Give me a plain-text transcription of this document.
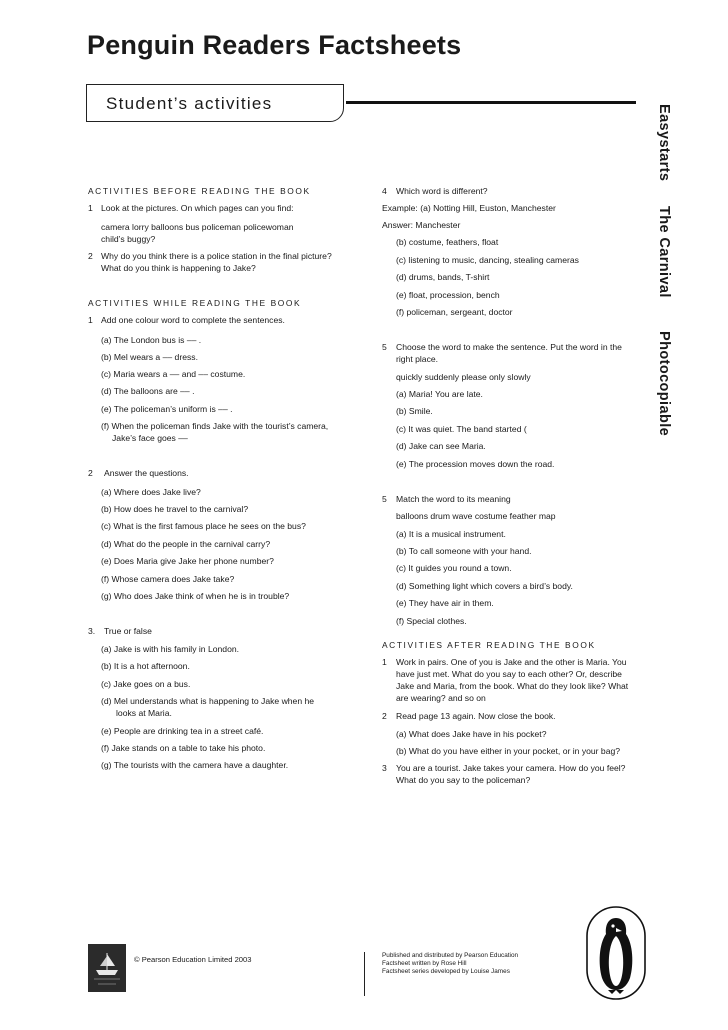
Penguin Readers Factsheets
Student’s activities
Easystarts
The Carnival
Photocopiable
ACTIVITIES BEFORE READING THE BOOK
1 Look at the pictures. On which pages can you find:
camera lorry balloons bus policeman policewoman
child’s buggy?
2 Why do you think there is a police station in the final picture?
What do you think is happening to Jake?
ACTIVITIES WHILE READING THE BOOK
1 Add one colour word to complete the sentences.
(a) The London bus is –– .
(b) Mel wears a –– dress.
(c) Maria wears a –– and –– costume.
(d) The balloons are –– .
(e) The policeman’s uniform is –– .
(f) When the policeman finds Jake with the tourist’s camera,
Jake’s face goes ––
2 Answer the questions.
(a) Where does Jake live?
(b) How does he travel to the carnival?
(c) What is the first famous place he sees on the bus?
(d) What do the people in the carnival carry?
(e) Does Maria give Jake her phone number?
(f) Whose camera does Jake take?
(g) Who does Jake think of when he is in trouble?
3. True or false
(a) Jake is with his family in London.
(b) It is a hot afternoon.
(c) Jake goes on a bus.
(d) Mel understands what is happening to Jake when he
looks at Maria.
(e) People are drinking tea in a street café.
(f) Jake stands on a table to take his photo.
(g) The tourists with the camera have a daughter.
4 Which word is different?
Example: (a) Notting Hill, Euston, Manchester
Answer: Manchester
(b) costume, feathers, float
(c) listening to music, dancing, stealing cameras
(d) drums, bands, T-shirt
(e) float, procession, bench
(f) policeman, sergeant, doctor
5 Choose the word to make the sentence. Put the word in the
right place.
quickly suddenly please only slowly
(a) Maria! You are late.
(b) Smile.
(c) It was quiet. The band started (
(d) Jake can see Maria.
(e) The procession moves down the road.
5 Match the word to its meaning
balloons drum wave costume feather map
(a) It is a musical instrument.
(b) To call someone with your hand.
(c) It guides you round a town.
(d) Something light which covers a bird’s body.
(e) They have air in them.
(f) Special clothes.
ACTIVITIES AFTER READING THE BOOK
1 Work in pairs. One of you is Jake and the other is Maria. You
have just met. What do you say to each other? Or, describe
Jake and Maria, from the book. What do they look like? What
are wearing? and so on
2 Read page 13 again. Now close the book.
(a) What does Jake have in his pocket?
(b) What do you have either in your pocket, or in your bag?
3 You are a tourist. Jake takes your camera. How do you feel?
What do you say to the policeman?
© Pearson Education Limited 2003	Published and distributed by Pearson Education
Factsheet written by Rose Hill
Factsheet series developed by Louise James
